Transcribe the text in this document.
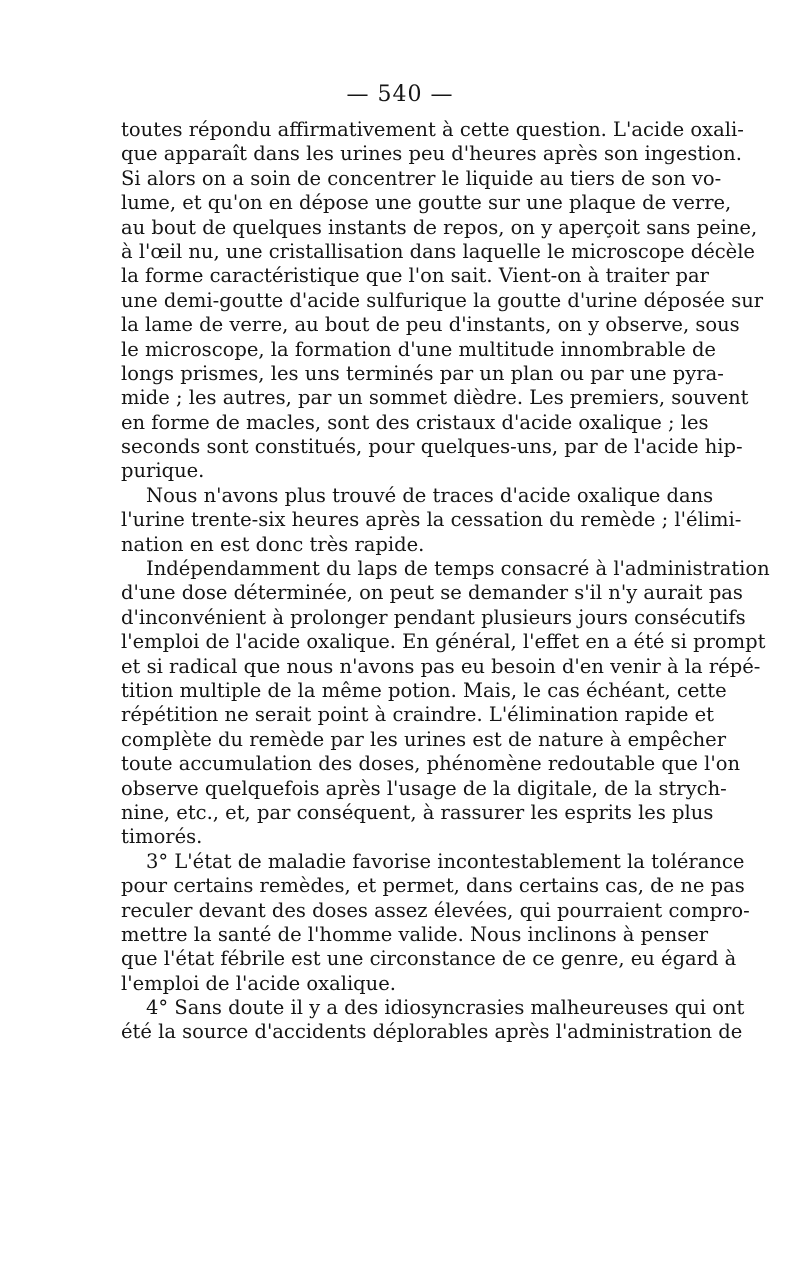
— 540 —
toutes répondu affirmativement à cette question. L'acide oxali-
que apparaît dans les urines peu d'heures après son ingestion.
Si alors on a soin de concentrer le liquide au tiers de son vo-
lume, et qu'on en dépose une goutte sur une plaque de verre,
au bout de quelques instants de repos, on y aperçoit sans peine,
à l'œil nu, une cristallisation dans laquelle le microscope décèle
la forme caractéristique que l'on sait. Vient-on à traiter par
une demi-goutte d'acide sulfurique la goutte d'urine déposée sur
la lame de verre, au bout de peu d'instants, on y observe, sous
le microscope, la formation d'une multitude innombrable de
longs prismes, les uns terminés par un plan ou par une pyra-
mide ; les autres, par un sommet dièdre. Les premiers, souvent
en forme de macles, sont des cristaux d'acide oxalique ; les
seconds sont constitués, pour quelques-uns, par de l'acide hip-
purique.
Nous n'avons plus trouvé de traces d'acide oxalique dans
l'urine trente-six heures après la cessation du remède ; l'élimi-
nation en est donc très rapide.
Indépendamment du laps de temps consacré à l'administration
d'une dose déterminée, on peut se demander s'il n'y aurait pas
d'inconvénient à prolonger pendant plusieurs jours consécutifs
l'emploi de l'acide oxalique. En général, l'effet en a été si prompt
et si radical que nous n'avons pas eu besoin d'en venir à la répé-
tition multiple de la même potion. Mais, le cas échéant, cette
répétition ne serait point à craindre. L'élimination rapide et
complète du remède par les urines est de nature à empêcher
toute accumulation des doses, phénomène redoutable que l'on
observe quelquefois après l'usage de la digitale, de la strych-
nine, etc., et, par conséquent, à rassurer les esprits les plus
timorés.
3° L'état de maladie favorise incontestablement la tolérance
pour certains remèdes, et permet, dans certains cas, de ne pas
reculer devant des doses assez élevées, qui pourraient compro-
mettre la santé de l'homme valide. Nous inclinons à penser
que l'état fébrile est une circonstance de ce genre, eu égard à
l'emploi de l'acide oxalique.
4° Sans doute il y a des idiosyncrasies malheureuses qui ont
été la source d'accidents déplorables après l'administration de
